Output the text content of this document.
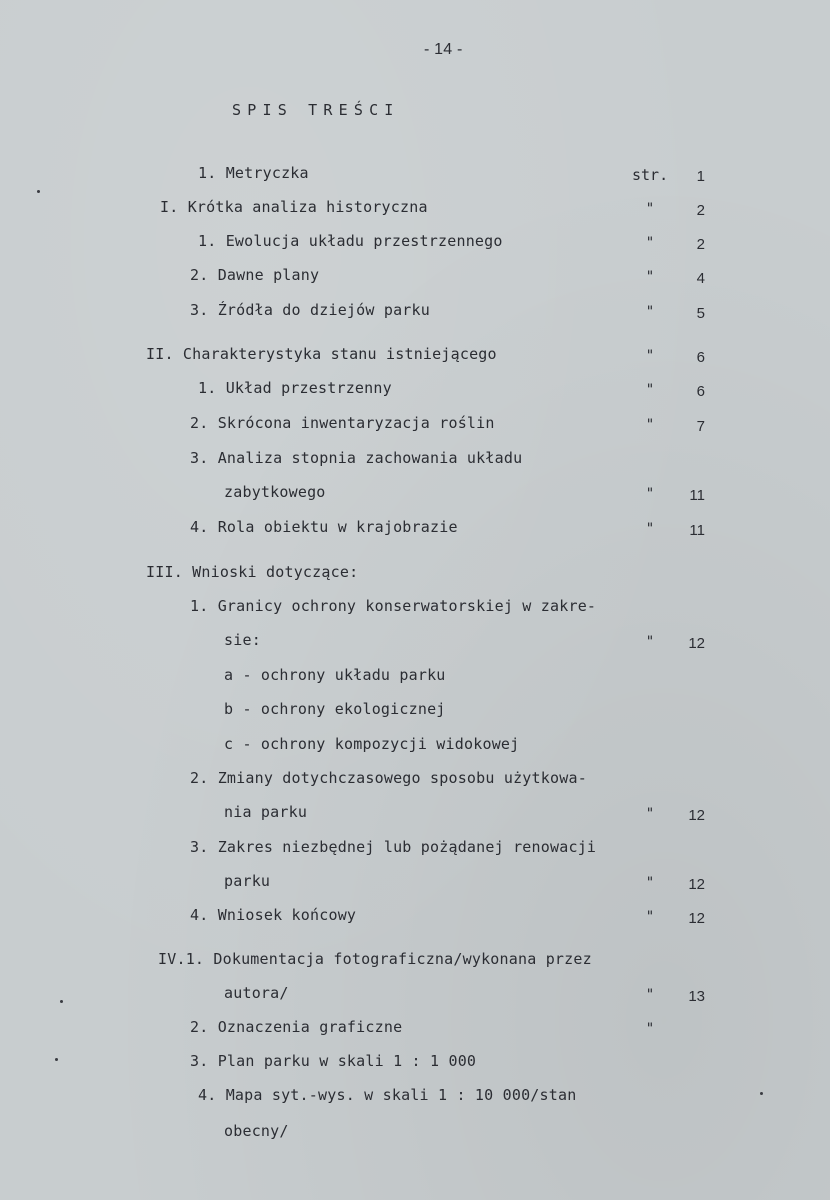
- 14 -
SPIS TREŚCI
1. Metryczka	str.	1
I. Krótka analiza historyczna	"	2
1. Ewolucja układu przestrzennego	"	2
2. Dawne plany	"	4
3. Źródła do dziejów parku	"	5
II. Charakterystyka stanu istniejącego	"	6
1. Układ przestrzenny	"	6
2. Skrócona inwentaryzacja roślin	"	7
3. Analiza stopnia zachowania układu
zabytkowego	"	11
4. Rola obiektu w krajobrazie	"	11
III. Wnioski dotyczące:
1. Granicy ochrony konserwatorskiej w zakre-
sie:	"	12
a - ochrony układu parku
b - ochrony ekologicznej
c - ochrony kompozycji widokowej
2. Zmiany dotychczasowego sposobu użytkowa-
nia parku	"	12
3. Zakres niezbędnej lub pożądanej renowacji
parku	"	12
4. Wniosek końcowy	"	12
IV.1. Dokumentacja fotograficzna/wykonana przez
autora/	"	13
2. Oznaczenia graficzne	"
3. Plan parku w skali 1 : 1 000
4. Mapa syt.-wys. w skali 1 : 10 000/stan
obecny/
